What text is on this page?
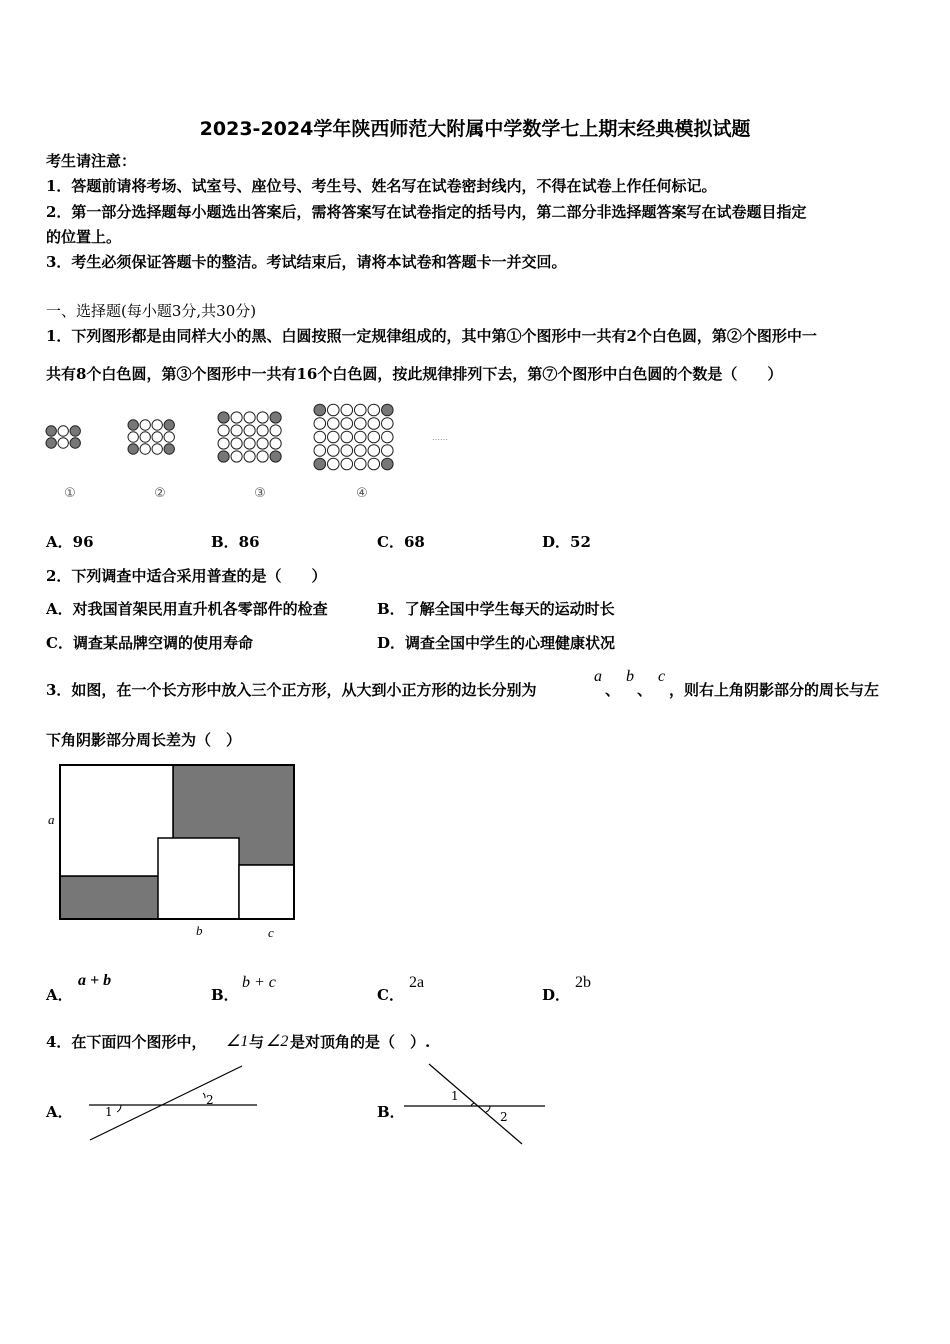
2023-2024学年陕西师范大附属中学数学七上期末经典模拟试题
考生请注意：
1．答题前请将考场、试室号、座位号、考生号、姓名写在试卷密封线内，不得在试卷上作任何标记。
2．第一部分选择题每小题选出答案后，需将答案写在试卷指定的括号内，第二部分非选择题答案写在试卷题目指定
的位置上。
3．考生必须保证答题卡的整洁。考试结束后，请将本试卷和答题卡一并交回。
一、选择题(每小题3分,共30分)
1．下列图形都是由同样大小的黑、白圆按照一定规律组成的，其中第①个图形中一共有2个白色圆，第②个图形中一
共有8个白色圆，第③个图形中一共有16个白色圆，按此规律排列下去，第⑦个图形中白色圆的个数是（　　）
①	②	③	④
……
A．96	B．86	C．68	D．52
2．下列调查中适合采用普查的是（　　）
A．对我国首架民用直升机各零部件的检查	B．了解全国中学生每天的运动时长
C．调查某品牌空调的使用寿命	D．调查全国中学生的心理健康状况
3．如图，在一个长方形中放入三个正方形，从大到小正方形的边长分别为
a
、
b
、
c
，则右上角阴影部分的周长与左
下角阴影部分周长差为（　）
a
b	c
A．
a + b
B．
b + c
C．
2a
D．
2b
4．在下面四个图形中， ∠1 与 ∠2 是对顶角的是（　）.
A．	1
2
B．
1
2
